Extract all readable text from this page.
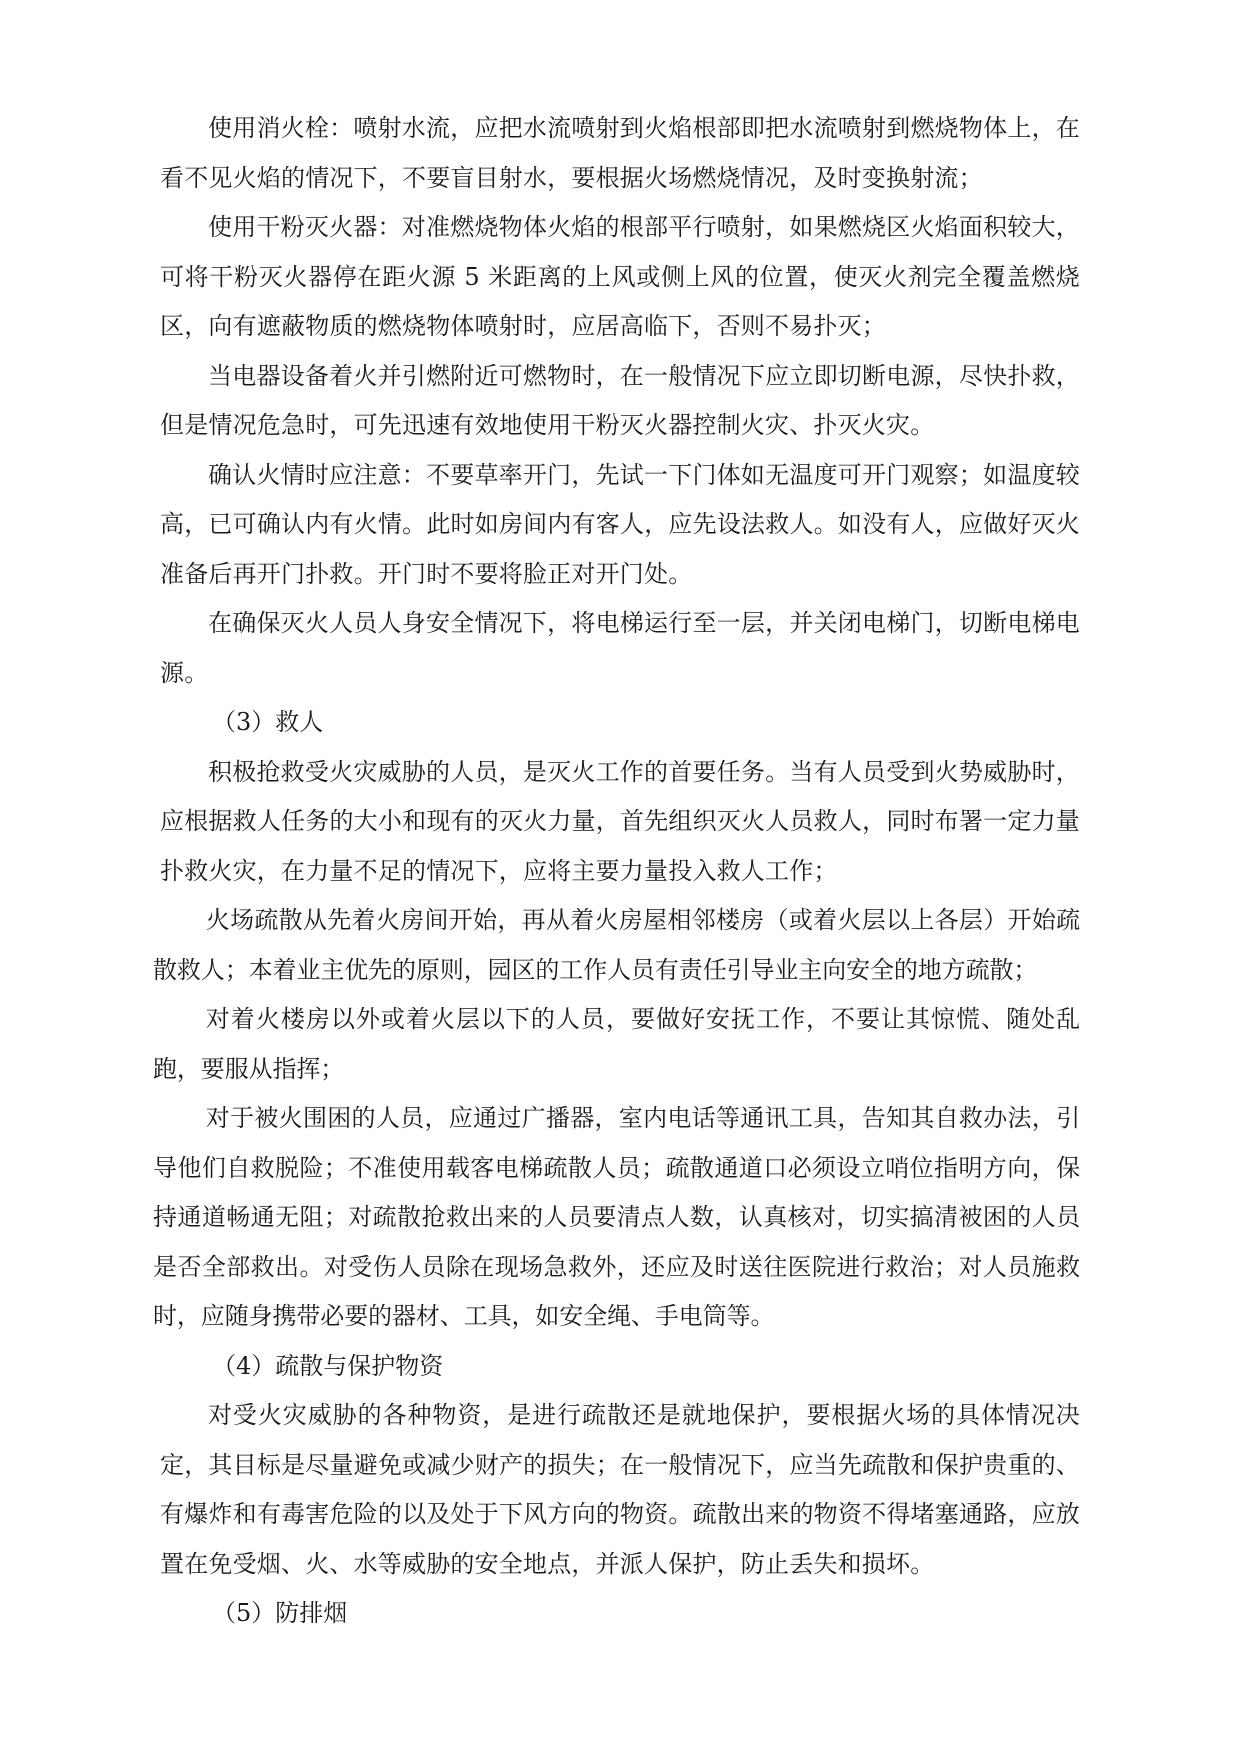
使用消火栓：喷射水流，应把水流喷射到火焰根部即把水流喷射到燃烧物体上，在看不见火焰的情况下，不要盲目射水，要根据火场燃烧情况，及时变换射流；

使用干粉灭火器：对准燃烧物体火焰的根部平行喷射，如果燃烧区火焰面积较大，可将干粉灭火器停在距火源 5 米距离的上风或侧上风的位置，使灭火剂完全覆盖燃烧区，向有遮蔽物质的燃烧物体喷射时，应居高临下，否则不易扑灭；

当电器设备着火并引燃附近可燃物时，在一般情况下应立即切断电源，尽快扑救，但是情况危急时，可先迅速有效地使用干粉灭火器控制火灾、扑灭火灾。

确认火情时应注意：不要草率开门，先试一下门体如无温度可开门观察；如温度较高，已可确认内有火情。此时如房间内有客人，应先设法救人。如没有人，应做好灭火准备后再开门扑救。开门时不要将脸正对开门处。

在确保灭火人员人身安全情况下，将电梯运行至一层，并关闭电梯门，切断电梯电源。

（3）救人

积极抢救受火灾威胁的人员，是灭火工作的首要任务。当有人员受到火势威胁时，应根据救人任务的大小和现有的灭火力量，首先组织灭火人员救人，同时布署一定力量扑救火灾，在力量不足的情况下，应将主要力量投入救人工作；

火场疏散从先着火房间开始，再从着火房屋相邻楼房（或着火层以上各层）开始疏散救人；本着业主优先的原则，园区的工作人员有责任引导业主向安全的地方疏散；

对着火楼房以外或着火层以下的人员，要做好安抚工作，不要让其惊慌、随处乱跑，要服从指挥；

对于被火围困的人员，应通过广播器，室内电话等通讯工具，告知其自救办法，引导他们自救脱险；不准使用载客电梯疏散人员；疏散通道口必须设立哨位指明方向，保持通道畅通无阻；对疏散抢救出来的人员要清点人数，认真核对，切实搞清被困的人员是否全部救出。对受伤人员除在现场急救外，还应及时送往医院进行救治；对人员施救时，应随身携带必要的器材、工具，如安全绳、手电筒等。

（4）疏散与保护物资

对受火灾威胁的各种物资，是进行疏散还是就地保护，要根据火场的具体情况决定，其目标是尽量避免或减少财产的损失；在一般情况下，应当先疏散和保护贵重的、有爆炸和有毒害危险的以及处于下风方向的物资。疏散出来的物资不得堵塞通路，应放置在免受烟、火、水等威胁的安全地点，并派人保护，防止丢失和损坏。

（5）防排烟
